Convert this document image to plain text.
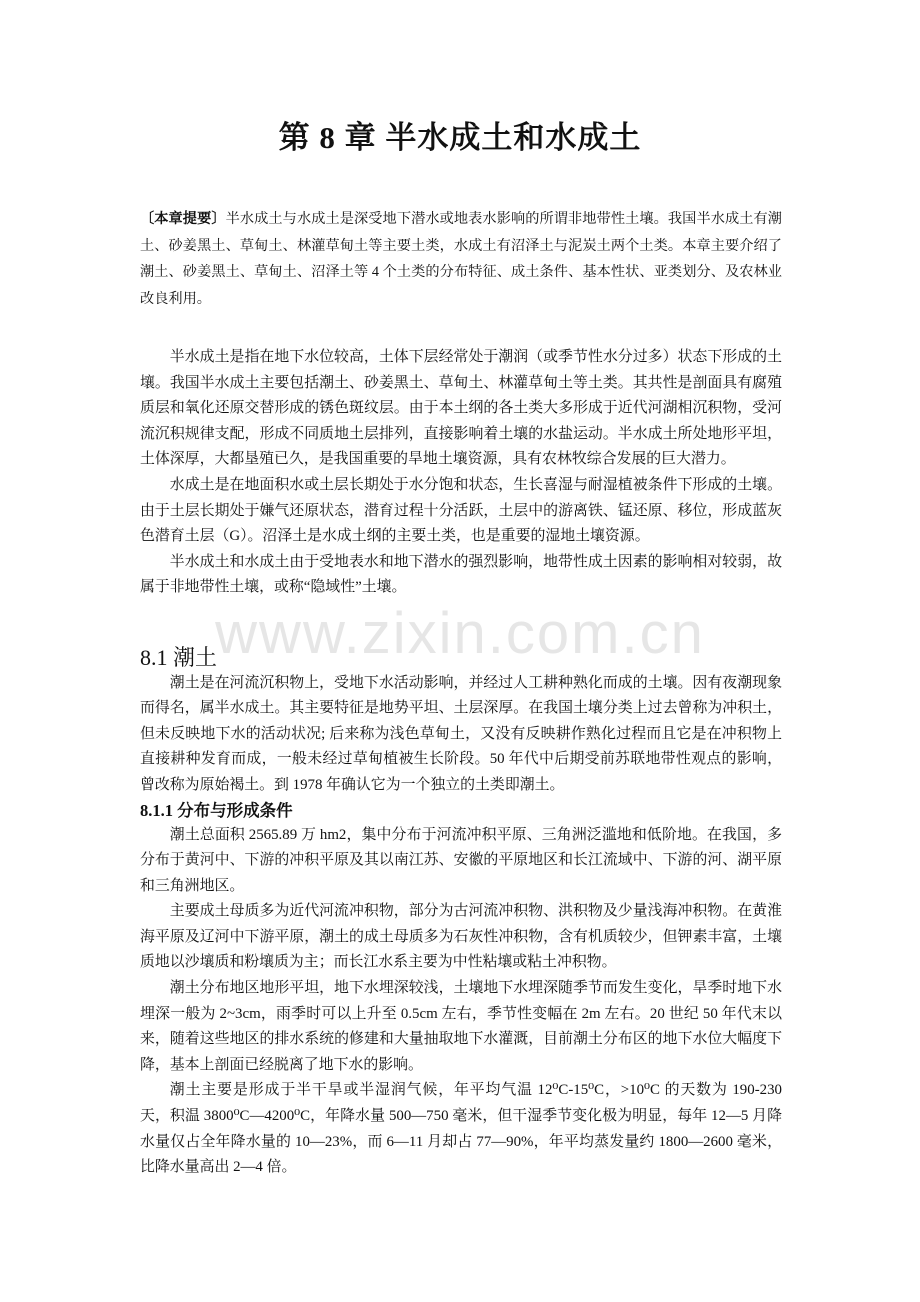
www.zixin.com.cn
第 8 章 半水成土和水成土
〔本章提要〕半水成土与水成土是深受地下潜水或地表水影响的所谓非地带性土壤。我国半水成土有潮土、砂姜黑土、草甸土、林灌草甸土等主要土类，水成土有沼泽土与泥炭土两个土类。本章主要介绍了潮土、砂姜黑土、草甸土、沼泽土等 4 个土类的分布特征、成土条件、基本性状、亚类划分、及农林业改良利用。

半水成土是指在地下水位较高，土体下层经常处于潮润（或季节性水分过多）状态下形成的土壤。我国半水成土主要包括潮土、砂姜黑土、草甸土、林灌草甸土等土类。其共性是剖面具有腐殖质层和氧化还原交替形成的锈色斑纹层。由于本土纲的各土类大多形成于近代河湖相沉积物，受河流沉积规律支配，形成不同质地土层排列，直接影响着土壤的水盐运动。半水成土所处地形平坦，土体深厚，大都垦殖已久，是我国重要的旱地土壤资源，具有农林牧综合发展的巨大潜力。

水成土是在地面积水或土层长期处于水分饱和状态，生长喜湿与耐湿植被条件下形成的土壤。由于土层长期处于嫌气还原状态，潜育过程十分活跃，土层中的游离铁、锰还原、移位，形成蓝灰色潜育土层（G）。沼泽土是水成土纲的主要土类，也是重要的湿地土壤资源。

半水成土和水成土由于受地表水和地下潜水的强烈影响，地带性成土因素的影响相对较弱，故属于非地带性土壤，或称“隐域性”土壤。

8.1 潮土

潮土是在河流沉积物上，受地下水活动影响，并经过人工耕种熟化而成的土壤。因有夜潮现象而得名，属半水成土。其主要特征是地势平坦、土层深厚。在我国土壤分类上过去曾称为冲积土，但未反映地下水的活动状况; 后来称为浅色草甸土，又没有反映耕作熟化过程而且它是在冲积物上直接耕种发育而成，一般未经过草甸植被生长阶段。50 年代中后期受前苏联地带性观点的影响，曾改称为原始褐土。到 1978 年确认它为一个独立的土类即潮土。

8.1.1 分布与形成条件

潮土总面积 2565.89 万 hm2，集中分布于河流冲积平原、三角洲泛滥地和低阶地。在我国，多分布于黄河中、下游的冲积平原及其以南江苏、安徽的平原地区和长江流域中、下游的河、湖平原和三角洲地区。

主要成土母质多为近代河流冲积物，部分为古河流冲积物、洪积物及少量浅海冲积物。在黄淮海平原及辽河中下游平原，潮土的成土母质多为石灰性冲积物，含有机质较少，但钾素丰富，土壤质地以沙壤质和粉壤质为主；而长江水系主要为中性粘壤或粘土冲积物。

潮土分布地区地形平坦，地下水埋深较浅，土壤地下水埋深随季节而发生变化，旱季时地下水埋深一般为 2~3cm，雨季时可以上升至 0.5cm 左右，季节性变幅在 2m 左右。20 世纪 50 年代末以来，随着这些地区的排水系统的修建和大量抽取地下水灌溉，目前潮土分布区的地下水位大幅度下降，基本上剖面已经脱离了地下水的影响。

潮土主要是形成于半干旱或半湿润气候，年平均气温 12⁰C-15⁰C，>10⁰C 的天数为 190-230 天，积温 3800⁰C—4200⁰C，年降水量 500—750 毫米，但干湿季节变化极为明显，每年 12—5 月降水量仅占全年降水量的 10—23%，而 6—11 月却占 77—90%，年平均蒸发量约 1800—2600 毫米，比降水量高出 2—4 倍。
